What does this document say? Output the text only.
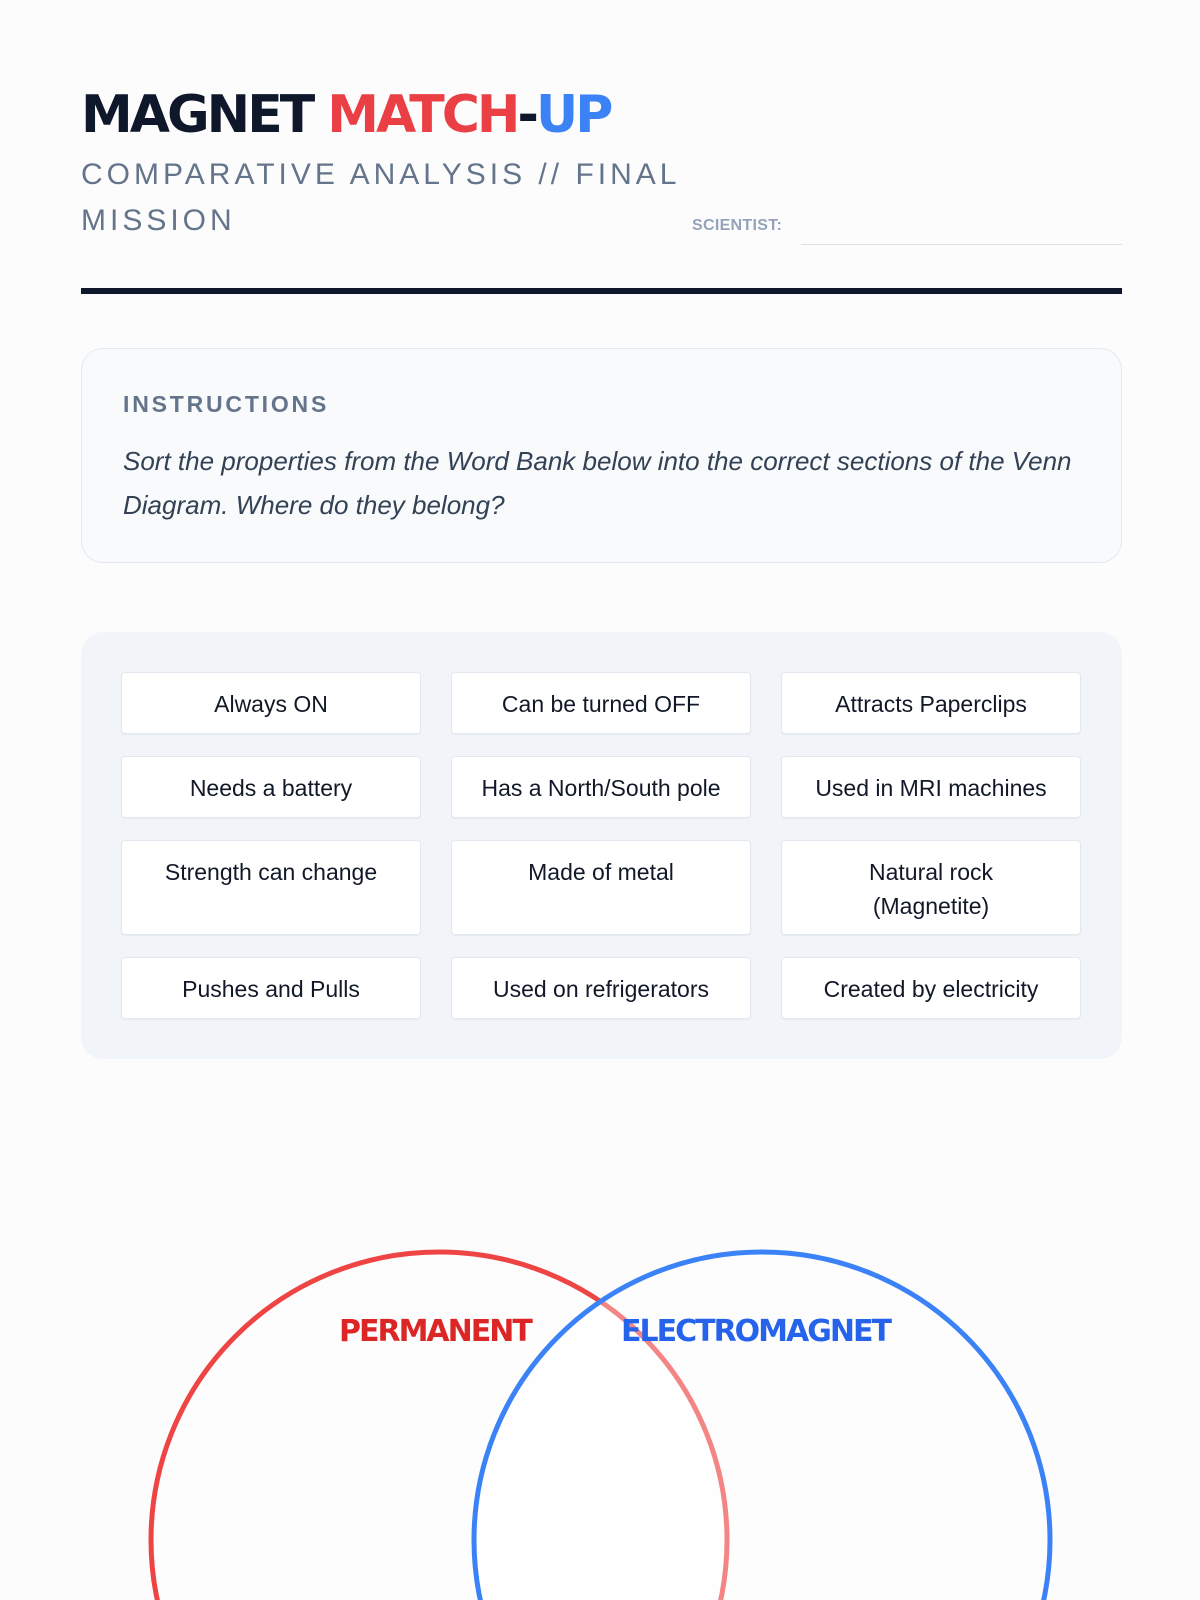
MAGNET MATCH-UP

COMPARATIVE ANALYSIS // FINAL MISSION	SCIENTIST:
INSTRUCTIONS

Sort the properties from the Word Bank below into the correct sections of the Venn Diagram. Where do they belong?

Always ON	Can be turned OFF	Attracts Paperclips
Needs a battery	Has a North/South pole	Used in MRI machines
Strength can change	Made of metal	Natural rock (Magnetite)
Pushes and Pulls	Used on refrigerators	Created by electricity
PERMANENT	ELECTROMAGNET
